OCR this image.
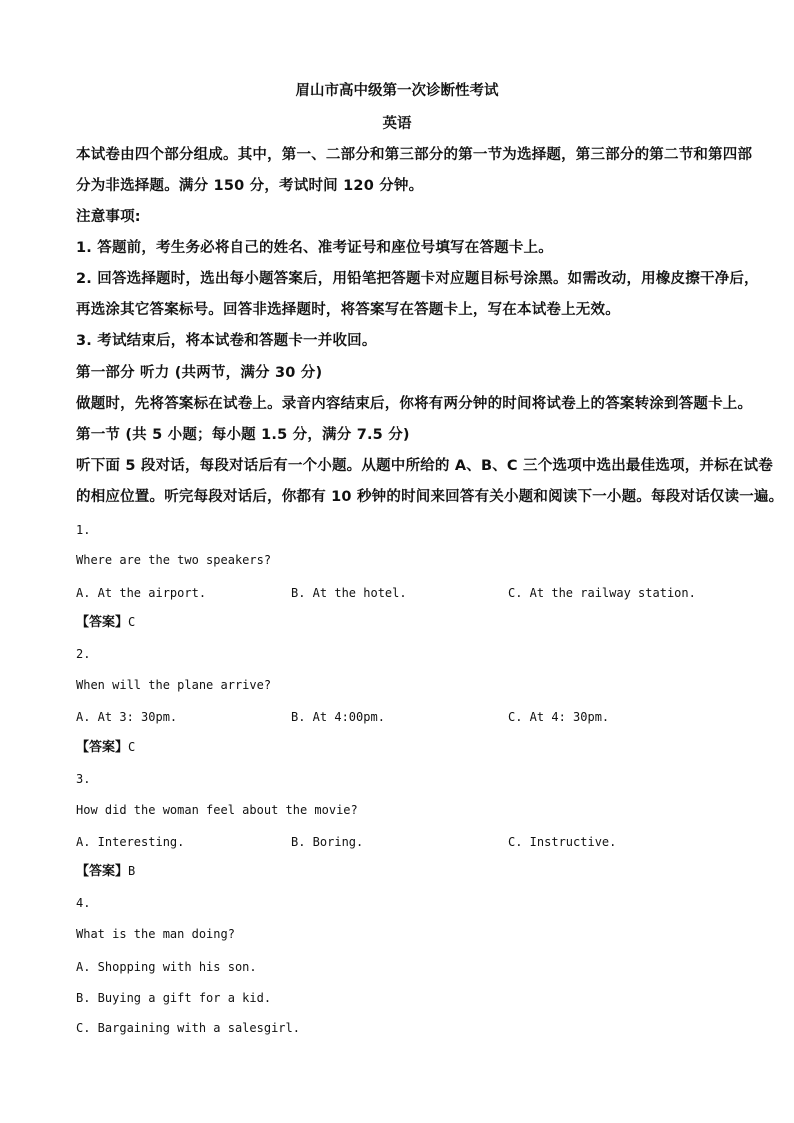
眉山市高中级第一次诊断性考试
英语
本试卷由四个部分组成。其中，第一、二部分和第三部分的第一节为选择题，第三部分的第二节和第四部
分为非选择题。满分 150 分，考试时间 120 分钟。
注意事项:
1. 答题前，考生务必将自己的姓名、准考证号和座位号填写在答题卡上。
2. 回答选择题时，选出每小题答案后，用铅笔把答题卡对应题目标号涂黑。如需改动，用橡皮擦干净后，
再选涂其它答案标号。回答非选择题时，将答案写在答题卡上，写在本试卷上无效。
3. 考试结束后，将本试卷和答题卡一并收回。
第一部分 听力 (共两节，满分 30 分)
做题时，先将答案标在试卷上。录音内容结束后，你将有两分钟的时间将试卷上的答案转涂到答题卡上。
第一节 (共 5 小题；每小题 1.5 分，满分 7.5 分)
听下面 5 段对话，每段对话后有一个小题。从题中所给的 A、B、C 三个选项中选出最佳选项，并标在试卷
的相应位置。听完每段对话后，你都有 10 秒钟的时间来回答有关小题和阅读下一小题。每段对话仅读一遍。
1.
Where are the two speakers?
A. At the airport.	B. At the hotel.	C. At the railway station.
【答案】C
2.
When will the plane arrive?
A. At 3: 30pm.	B. At 4:00pm.	C. At 4: 30pm.
【答案】C
3.
How did the woman feel about the movie?
A. Interesting.	B. Boring.	C. Instructive.
【答案】B
4.
What is the man doing?
A. Shopping with his son.
B. Buying a gift for a kid.
C. Bargaining with a salesgirl.
